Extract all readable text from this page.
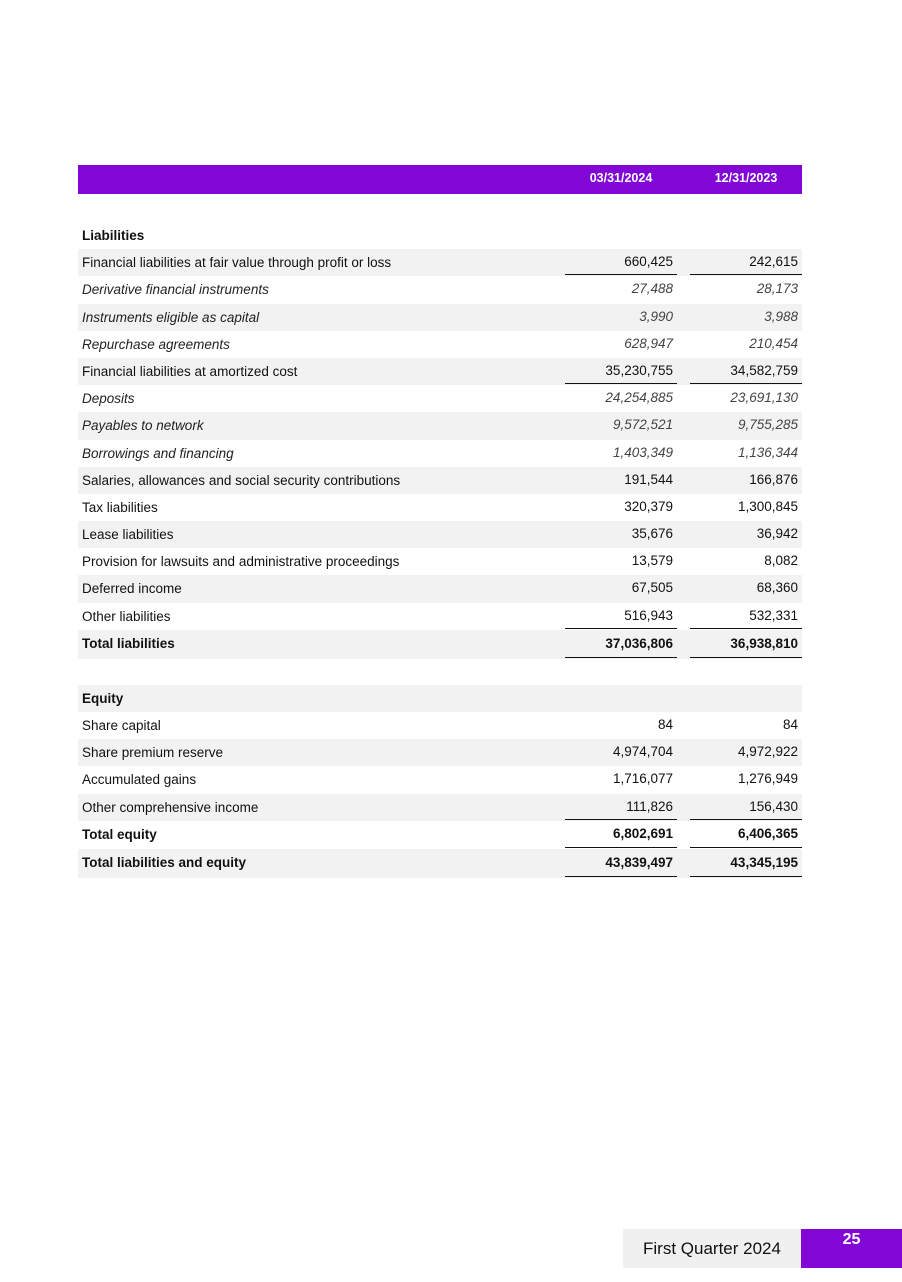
03/31/2024	12/31/2023
Liabilities
Financial liabilities at fair value through profit or loss	660,425	242,615
Derivative financial instruments	27,488	28,173
Instruments eligible as capital	3,990	3,988
Repurchase agreements	628,947	210,454
Financial liabilities at amortized cost	35,230,755	34,582,759
Deposits	24,254,885	23,691,130
Payables to network	9,572,521	9,755,285
Borrowings and financing	1,403,349	1,136,344
Salaries, allowances and social security contributions	191,544	166,876
Tax liabilities	320,379	1,300,845
Lease liabilities	35,676	36,942
Provision for lawsuits and administrative proceedings	13,579	8,082
Deferred income	67,505	68,360
Other liabilities	516,943	532,331
Total liabilities	37,036,806	36,938,810
Equity
Share capital	84	84
Share premium reserve	4,974,704	4,972,922
Accumulated gains	1,716,077	1,276,949
Other comprehensive income	111,826	156,430
Total equity	6,802,691	6,406,365
Total liabilities and equity	43,839,497	43,345,195
First Quarter 2024	25
